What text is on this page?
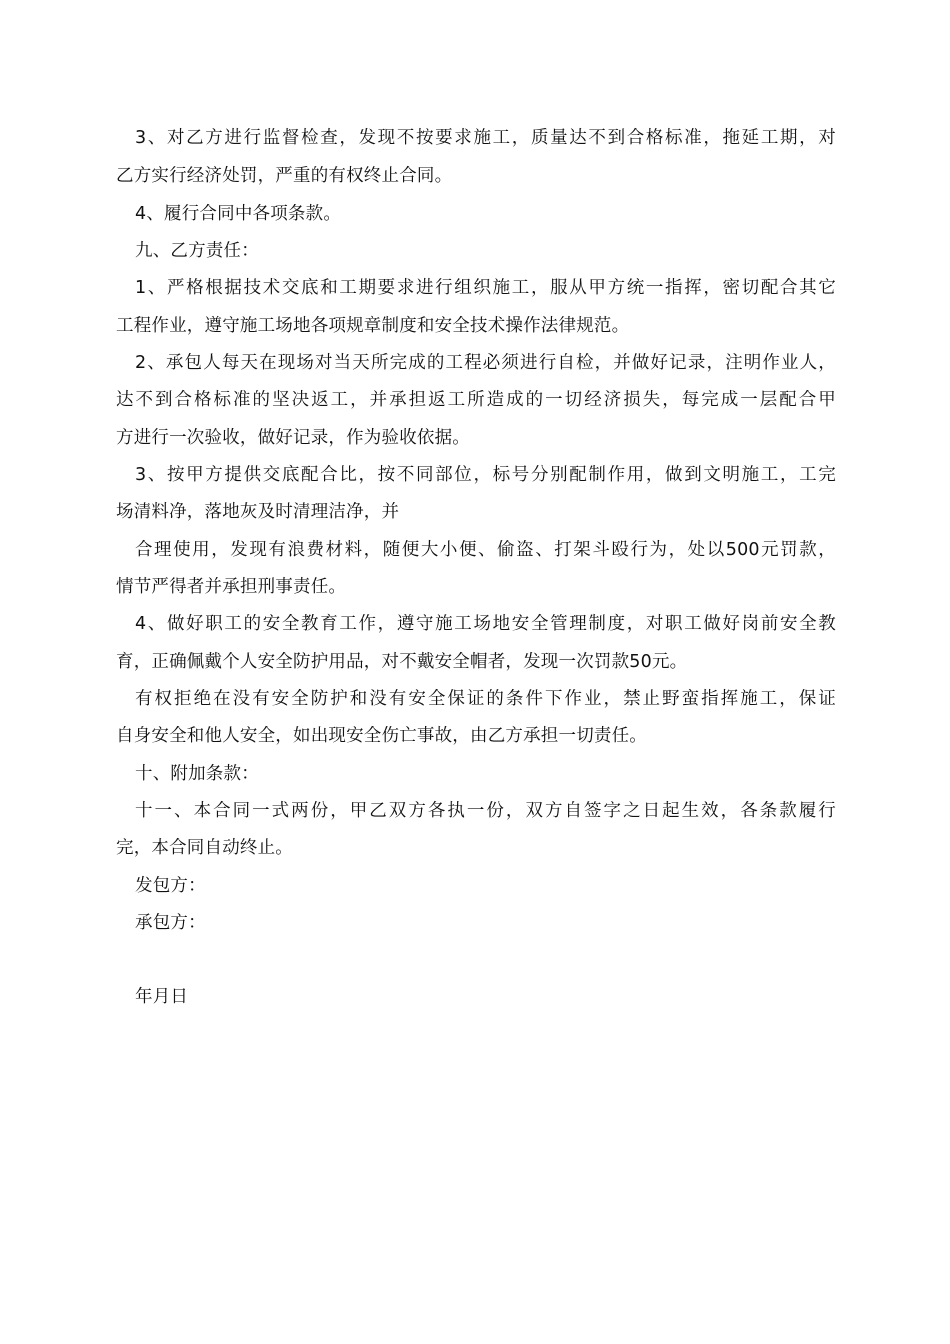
3、对乙方进行监督检查，发现不按要求施工，质量达不到合格标准，拖延工期，对
乙方实行经济处罚，严重的有权终止合同。
4、履行合同中各项条款。
九、乙方责任：
1、严格根据技术交底和工期要求进行组织施工，服从甲方统一指挥，密切配合其它
工程作业，遵守施工场地各项规章制度和安全技术操作法律规范。
2、承包人每天在现场对当天所完成的工程必须进行自检，并做好记录，注明作业人，
达不到合格标准的坚决返工，并承担返工所造成的一切经济损失，每完成一层配合甲
方进行一次验收，做好记录，作为验收依据。
3、按甲方提供交底配合比，按不同部位，标号分别配制作用，做到文明施工，工完
场清料净，落地灰及时清理洁净，并
合理使用，发现有浪费材料，随便大小便、偷盗、打架斗殴行为，处以500元罚款，
情节严得者并承担刑事责任。
4、做好职工的安全教育工作，遵守施工场地安全管理制度，对职工做好岗前安全教
育，正确佩戴个人安全防护用品，对不戴安全帽者，发现一次罚款50元。
有权拒绝在没有安全防护和没有安全保证的条件下作业，禁止野蛮指挥施工，保证
自身安全和他人安全，如出现安全伤亡事故，由乙方承担一切责任。
十、附加条款：
十一、本合同一式两份，甲乙双方各执一份，双方自签字之日起生效，各条款履行
完，本合同自动终止。
发包方：
承包方：
年月日
